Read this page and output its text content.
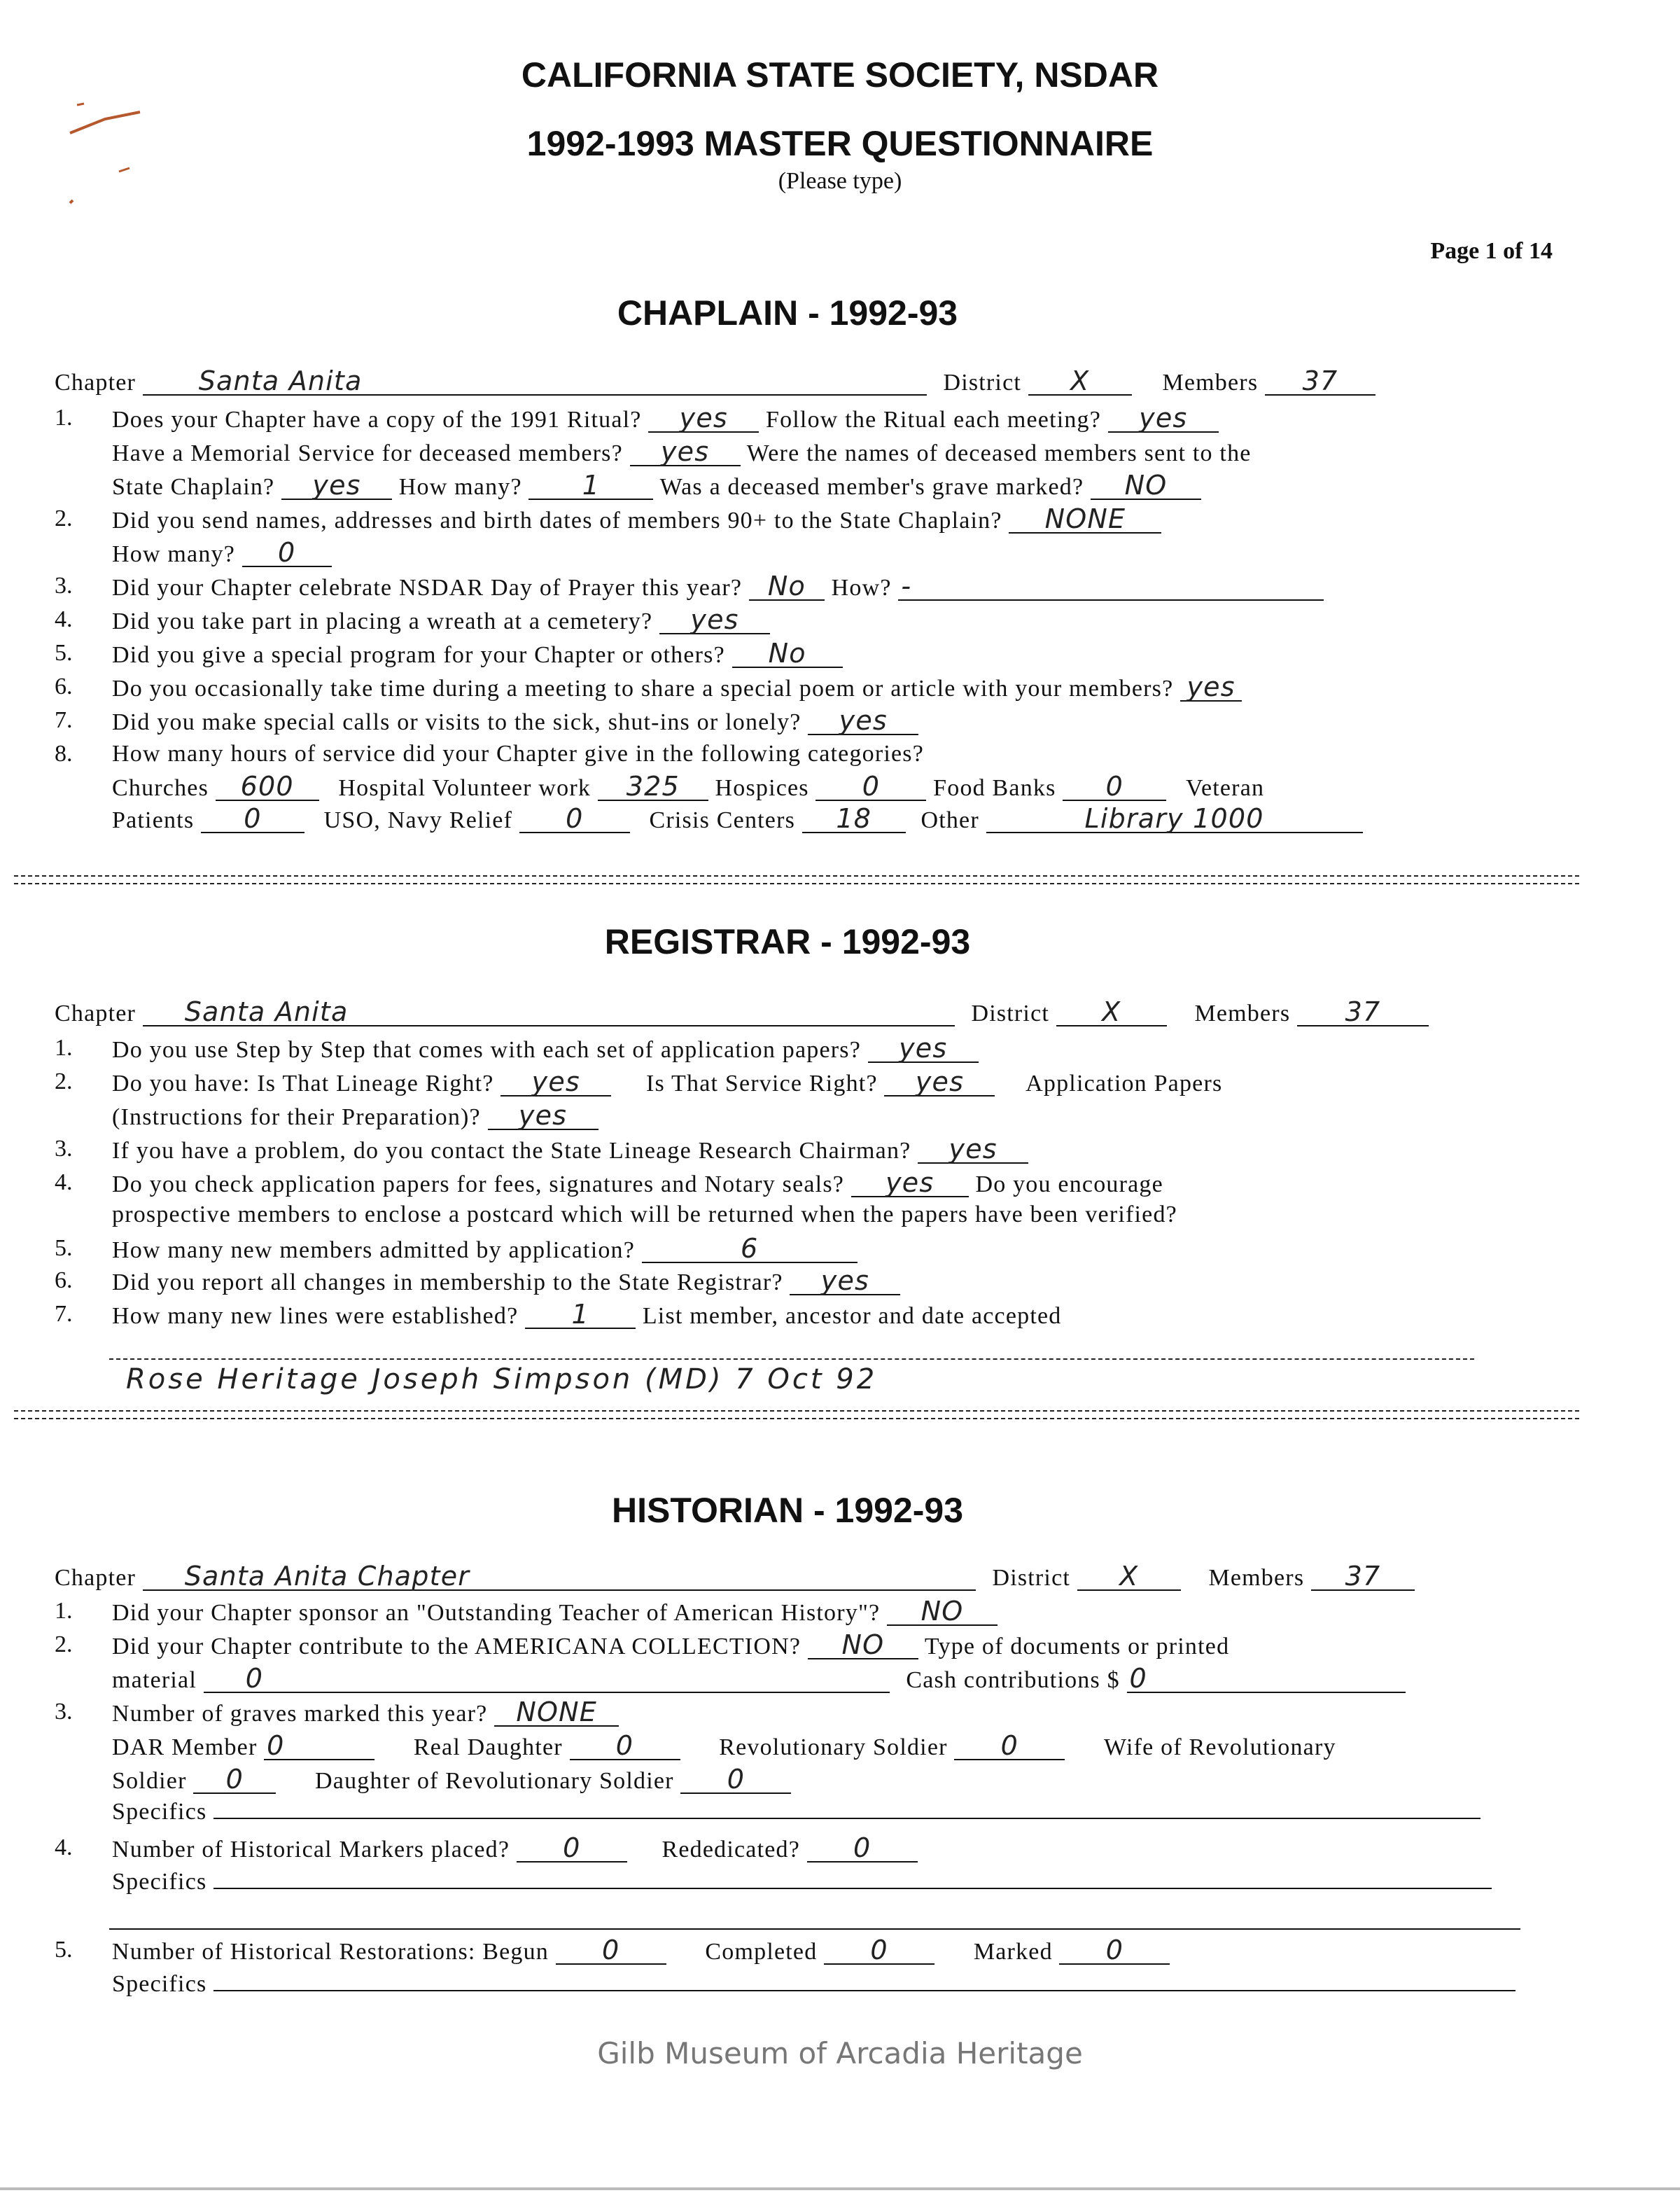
CALIFORNIA STATE SOCIETY, NSDAR
1992-1993 MASTER QUESTIONNAIRE
(Please type)
Page 1 of 14
CHAPLAIN - 1992-93
Chapter Santa Anita	District X	Members 37
1. Does your Chapter have a copy of the 1991 Ritual? yes Follow the Ritual each meeting? yes
Have a Memorial Service for deceased members? yes Were the names of deceased members sent to the
State Chaplain? yes How many? 1	Was a deceased member's grave marked? NO
2. Did you send names, addresses and birth dates of members 90+ to the State Chaplain? NONE
How many? 0
3. Did your Chapter celebrate NSDAR Day of Prayer this year? No How? -
4. Did you take part in placing a wreath at a cemetery? yes
5. Did you give a special program for your Chapter or others? No
6. Do you occasionally take time during a meeting to share a special poem or article with your members? yes
7. Did you make special calls or visits to the sick, shut-ins or lonely? yes
8. How many hours of service did your Chapter give in the following categories?
Churches 600 Hospital Volunteer work 325 Hospices 0 Food Banks 0	Veteran
Patients 0	USO, Navy Relief 0	Crisis Centers 18 Other	Library 1000
REGISTRAR - 1992-93
Chapter Santa Anita	District X	Members 37
1. Do you use Step by Step that comes with each set of application papers? yes
2. Do you have: Is That Lineage Right? yes	Is That Service Right? yes	Application Papers
(Instructions for their Preparation)? yes
3. If you have a problem, do you contact the State Lineage Research Chairman? yes
4. Do you check application papers for fees, signatures and Notary seals? yes Do you encourage
prospective members to enclose a postcard which will be returned when the papers have been verified?
5. How many new members admitted by application?	6
6. Did you report all changes in membership to the State Registrar? yes
7. How many new lines were established? 1 List member, ancestor and date accepted
Rose Heritage Joseph Simpson (MD) 7 Oct 92
HISTORIAN - 1992-93
Chapter Santa Anita Chapter	District X	Members 37
1. Did your Chapter sponsor an "Outstanding Teacher of American History"? NO
2. Did your Chapter contribute to the AMERICANA COLLECTION? NO Type of documents or printed
material 0	Cash contributions $ 0
3. Number of graves marked this year? NONE
DAR Member 0	Real Daughter 0	Revolutionary Soldier 0	Wife of Revolutionary
Soldier 0	Daughter of Revolutionary Soldier 0
Specifics
4. Number of Historical Markers placed? 0	Rededicated? 0
Specifics
5. Number of Historical Restorations: Begun 0	Completed 0	Marked 0
Specifics
Gilb Museum of Arcadia Heritage
